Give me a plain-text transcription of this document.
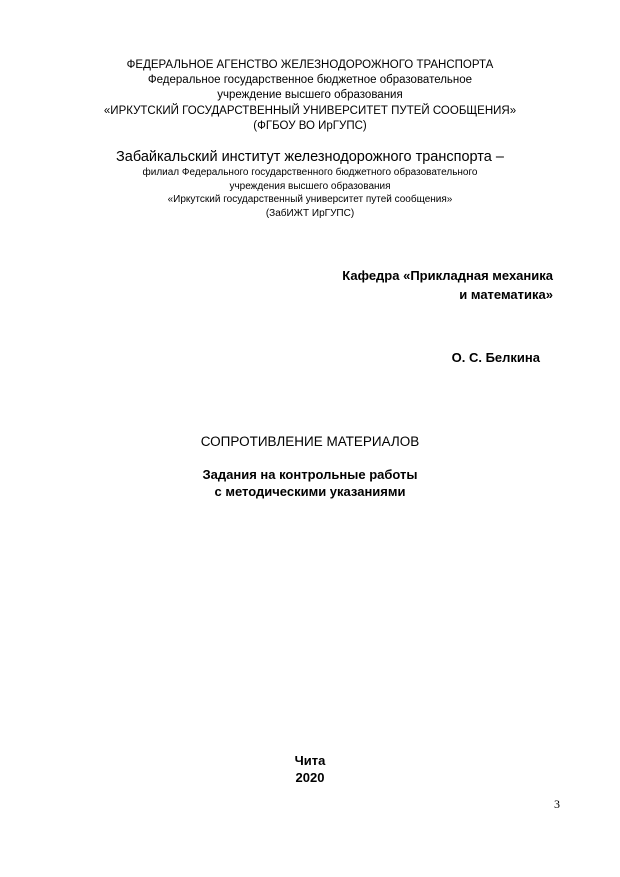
ФЕДЕРАЛЬНОЕ АГЕНСТВО ЖЕЛЕЗНОДОРОЖНОГО ТРАНСПОРТА
Федеральное государственное бюджетное образовательное
учреждение высшего образования
«ИРКУТСКИЙ ГОСУДАРСТВЕННЫЙ УНИВЕРСИТЕТ ПУТЕЙ СООБЩЕНИЯ»
(ФГБОУ ВО ИрГУПС)
Забайкальский институт железнодорожного транспорта –
филиал Федерального государственного бюджетного образовательного
учреждения высшего образования
«Иркутский государственный университет путей сообщения»
(ЗабИЖТ ИрГУПС)
Кафедра «Прикладная механика
и математика»
О. С. Белкина
СОПРОТИВЛЕНИЕ МАТЕРИАЛОВ
Задания на контрольные работы
с методическими указаниями
Чита
2020
3
